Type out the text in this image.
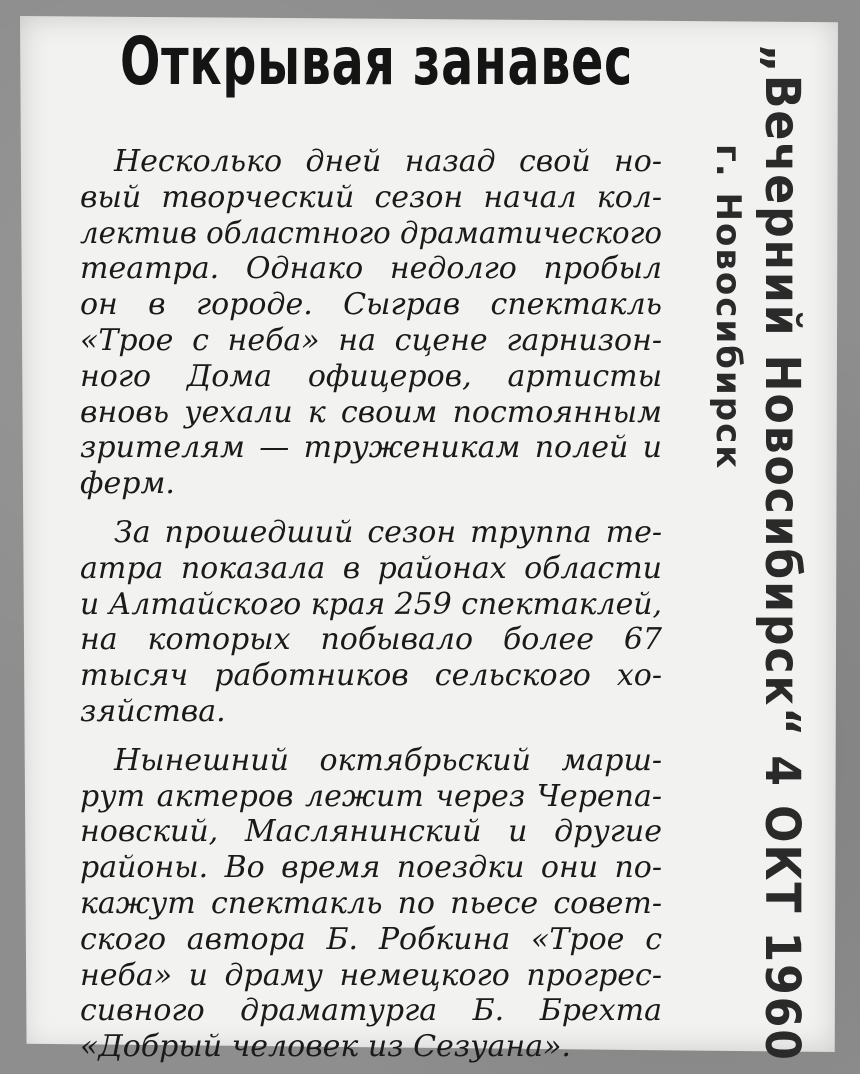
Открывая занавес
Несколько дней назад свой но-
вый творческий сезон начал кол-
лектив областного драматического
театра. Однако недолго пробыл
он в городе. Сыграв спектакль
«Трое с неба» на сцене гарнизон-
ного Дома офицеров, артисты
вновь уехали к своим постоянным
зрителям — труженикам полей и
ферм.
За прошедший сезон труппа те-
атра показала в районах области
и Алтайского края 259 спектаклей,
на которых побывало более 67
тысяч работников сельского хо-
зяйства.
Нынешний октябрьский марш-
рут актеров лежит через Черепа-
новский, Маслянинский и другие
районы. Во время поездки они по-
кажут спектакль по пьесе совет-
ского автора Б. Робкина «Трое с
неба» и драму немецкого прогрес-
сивного драматурга Б. Брехта
«Добрый человек из Сезуана».	„Вечерний Новосибирск“ 4 ОКТ 1960
г. Новосибирск
